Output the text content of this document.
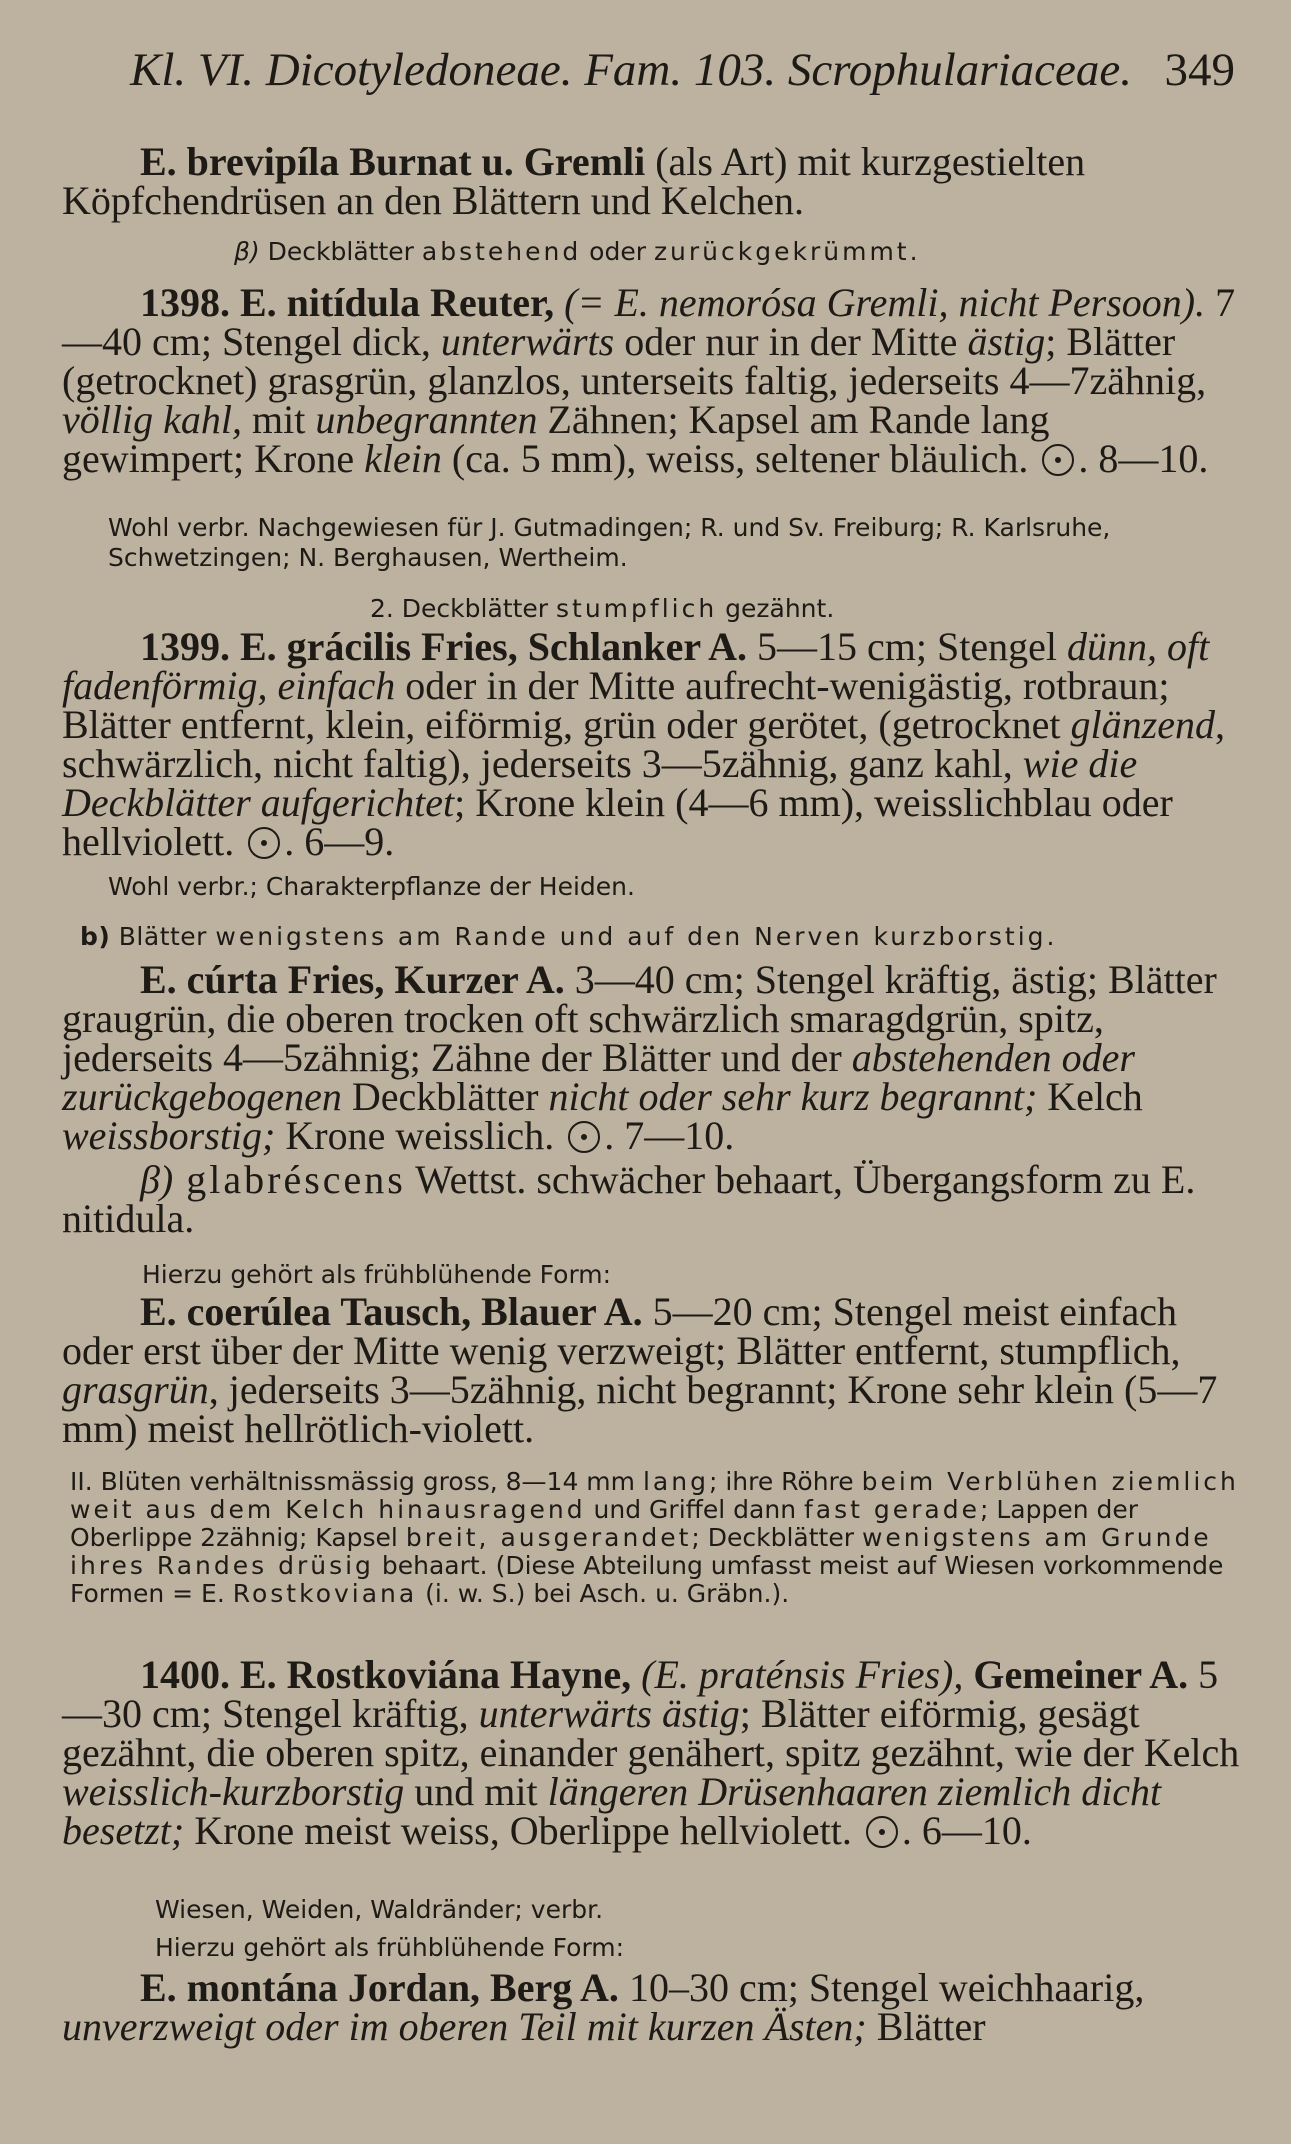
Kl. VI. Dicotyledoneae. Fam. 103. Scrophulariaceae. 349
E. brevipíla Burnat u. Gremli (als Art) mit kurzgestielten Köpfchendrüsen an den Blättern und Kelchen.
β) Deckblätter abstehend oder zurückgekrümmt.
1398. E. nitídula Reuter, (= E. nemorósa Gremli, nicht Persoon). 7—40 cm; Stengel dick, unterwärts oder nur in der Mitte ästig; Blätter (getrocknet) grasgrün, glanzlos, unterseits faltig, jederseits 4—7zähnig, völlig kahl, mit unbegrannten Zähnen; Kapsel am Rande lang gewimpert; Krone klein (ca. 5 mm), weiss, seltener bläulich. . 8—10.
Wohl verbr. Nachgewiesen für J. Gutmadingen; R. und Sv. Freiburg; R. Karlsruhe, Schwetzingen; N. Berghausen, Wertheim.
2. Deckblätter stumpflich gezähnt.
1399. E. grácilis Fries, Schlanker A. 5—15 cm; Stengel dünn, oft fadenförmig, einfach oder in der Mitte aufrecht-wenigästig, rotbraun; Blätter entfernt, klein, eiförmig, grün oder gerötet, (getrocknet glänzend, schwärzlich, nicht faltig), jederseits 3—5zähnig, ganz kahl, wie die Deckblätter aufgerichtet; Krone klein (4—6 mm), weisslichblau oder hellviolett. . 6—9.
Wohl verbr.; Charakterpflanze der Heiden.
b) Blätter wenigstens am Rande und auf den Nerven kurzborstig.
E. cúrta Fries, Kurzer A. 3—40 cm; Stengel kräftig, ästig; Blätter graugrün, die oberen trocken oft schwärzlich smaragdgrün, spitz, jederseits 4—5zähnig; Zähne der Blätter und der abstehenden oder zurückgebogenen Deckblätter nicht oder sehr kurz begrannt; Kelch weissborstig; Krone weisslich. . 7—10.
β) glabréscens Wettst. schwächer behaart, Übergangsform zu E. nitidula.
Hierzu gehört als frühblühende Form:
E. coerúlea Tausch, Blauer A. 5—20 cm; Stengel meist einfach oder erst über der Mitte wenig verzweigt; Blätter entfernt, stumpflich, grasgrün, jederseits 3—5zähnig, nicht begrannt; Krone sehr klein (5—7 mm) meist hellrötlich-violett.
II. Blüten verhältnissmässig gross, 8—14 mm lang; ihre Röhre beim Verblühen ziemlich weit aus dem Kelch hinausragend und Griffel dann fast gerade; Lappen der Oberlippe 2zähnig; Kapsel breit, ausgerandet; Deckblätter wenigstens am Grunde ihres Randes drüsig behaart. (Diese Abteilung umfasst meist auf Wiesen vorkommende Formen = E. Rostkoviana (i. w. S.) bei Asch. u. Gräbn.).
1400. E. Rostkoviána Hayne, (E. praténsis Fries), Gemeiner A. 5—30 cm; Stengel kräftig, unterwärts ästig; Blätter eiförmig, gesägt gezähnt, die oberen spitz, einander genähert, spitz gezähnt, wie der Kelch weisslich-kurzborstig und mit längeren Drüsenhaaren ziemlich dicht besetzt; Krone meist weiss, Oberlippe hellviolett. . 6—10.
Wiesen, Weiden, Waldränder; verbr.
Hierzu gehört als frühblühende Form:
E. montána Jordan, Berg A. 10–30 cm; Stengel weichhaarig, unverzweigt oder im oberen Teil mit kurzen Ästen; Blätter
